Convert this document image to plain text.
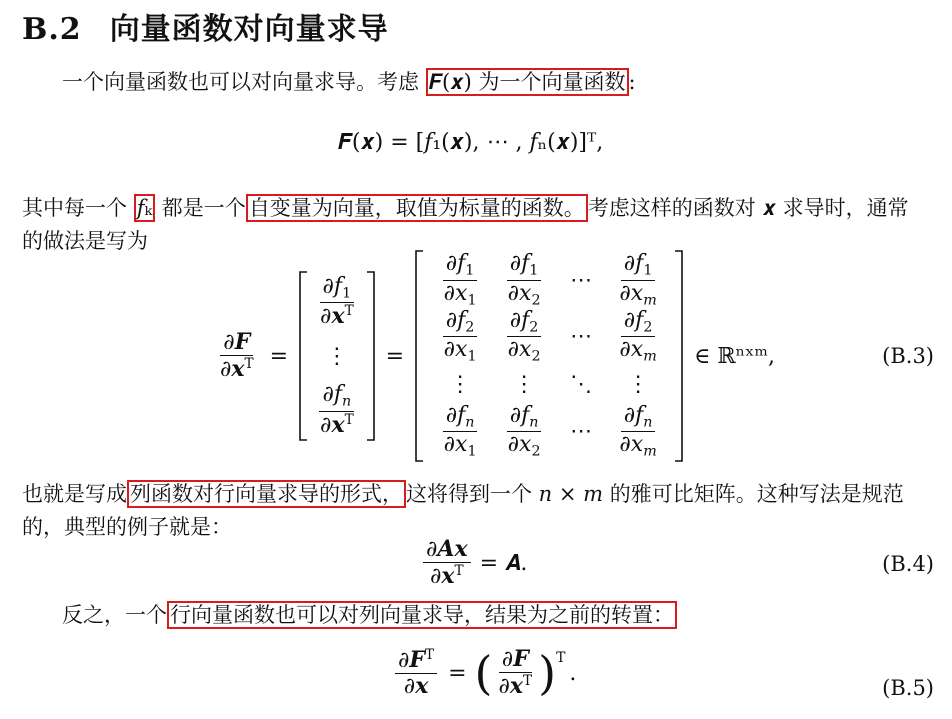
B.2 向量函数对向量求导
一个向量函数也可以对向量求导。考虑 𝑭(𝒙) 为一个向量函数 :
𝑭(𝒙) = [𝑓₁(𝒙), ⋯ , 𝑓ₙ(𝒙)]ᵀ,
其中每一个 𝑓ₖ 都是一个 自变量为向量，取值为标量的函数。 考虑这样的函数对 𝒙 求导时，通常
的做法是写为
$\frac{\partial F}{\partial x^T}$ =
$\frac{\partial f_1}{\partial x^T}$
⋮
$\frac{\partial f_n}{\partial x^T}$
=
$\frac{\partial f_1}{\partial x_1} \frac{\partial f_1}{\partial x_2}$ ⋯ $\frac{\partial f_1}{\partial x_m}$
$\frac{\partial f_2}{\partial x_1} \frac{\partial f_2}{\partial x_2}$ ⋯ $\frac{\partial f_2}{\partial x_m}$
⋮ ⋮ ⋱ ⋮
$\frac{\partial f_n}{\partial x_1} \frac{\partial f_n}{\partial x_2}$ ⋯ $\frac{\partial f_n}{\partial x_m}$
∈ ℝⁿˣᵐ,	(B.3)
也就是写成 列函数对行向量求导的形式， 这将得到一个 𝑛 × 𝑚 的雅可比矩阵。这种写法是规范
的，典型的例子就是：
$\frac{\partial Ax}{\partial x^T}$ = 𝑨.	(B.4)
反之，一个 行向量函数也可以对列向量求导，结果为之前的转置：
$\frac{\partial F^T}{\partial x}$ = ( $\frac{\partial F}{\partial x^T} )^T$
.
(B.5)
